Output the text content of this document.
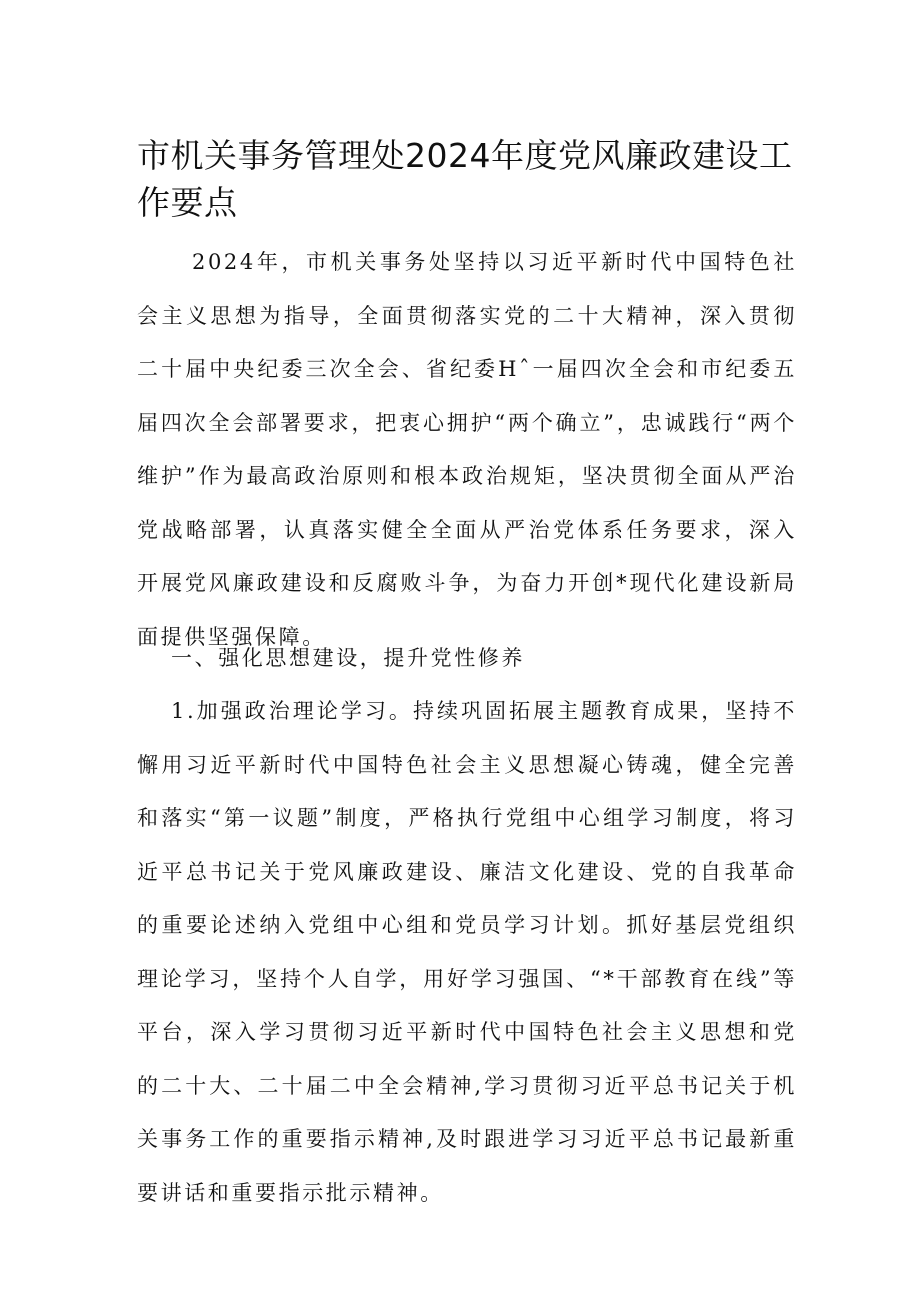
市机关事务管理处2024年度党风廉政建设工作要点

2024年，市机关事务处坚持以习近平新时代中国特色社会主义思想为指导，全面贯彻落实党的二十大精神，深入贯彻二十届中央纪委三次全会、省纪委Hˆ一届四次全会和市纪委五届四次全会部署要求，把衷心拥护“两个确立”，忠诚践行“两个维护”作为最高政治原则和根本政治规矩，坚决贯彻全面从严治党战略部署，认真落实健全全面从严治党体系任务要求，深入开展党风廉政建设和反腐败斗争，为奋力开创*现代化建设新局面提供坚强保障。

一、强化思想建设，提升党性修养

1.加强政治理论学习。持续巩固拓展主题教育成果，坚持不懈用习近平新时代中国特色社会主义思想凝心铸魂，健全完善和落实“第一议题”制度，严格执行党组中心组学习制度，将习近平总书记关于党风廉政建设、廉洁文化建设、党的自我革命的重要论述纳入党组中心组和党员学习计划。抓好基层党组织理论学习，坚持个人自学，用好学习强国、“*干部教育在线”等平台，深入学习贯彻习近平新时代中国特色社会主义思想和党的二十大、二十届二中全会精神,学习贯彻习近平总书记关于机关事务工作的重要指示精神,及时跟进学习习近平总书记最新重要讲话和重要指示批示精神。
